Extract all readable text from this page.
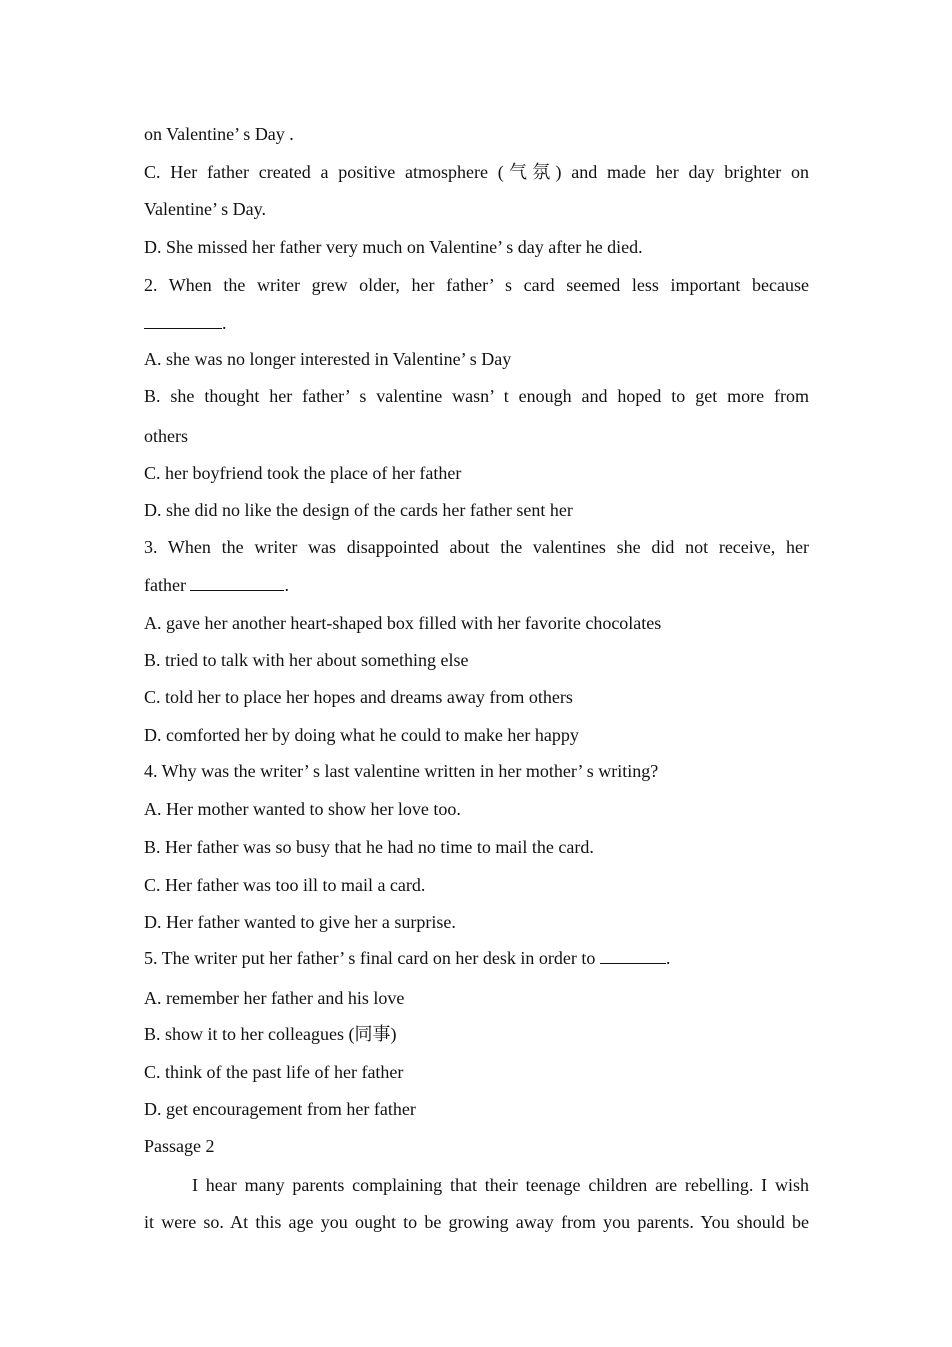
on Valentine’ s Day .
C. Her father created a positive atmosphere (气氛) and made her day brighter on
Valentine’ s Day.
D. She missed her father very much on Valentine’ s day after he died.
2. When the writer grew older, her father’ s card seemed less important because
.
A. she was no longer interested in Valentine’ s Day
B. she thought her father’ s valentine wasn’ t enough and hoped to get more from
others
C. her boyfriend took the place of her father
D. she did no like the design of the cards her father sent her
3. When the writer was disappointed about the valentines she did not receive, her
father	.
A. gave her another heart-shaped box filled with her favorite chocolates
B. tried to talk with her about something else
C. told her to place her hopes and dreams away from others
D. comforted her by doing what he could to make her happy
4. Why was the writer’ s last valentine written in her mother’ s writing?
A. Her mother wanted to show her love too.
B. Her father was so busy that he had no time to mail the card.
C. Her father was too ill to mail a card.
D. Her father wanted to give her a surprise.
5. The writer put her father’ s final card on her desk in order to	.
A. remember her father and his love
B. show it to her colleagues (同事)
C. think of the past life of her father
D. get encouragement from her father
Passage 2
I hear many parents complaining that their teenage children are rebelling. I wish
it were so. At this age you ought to be growing away from you parents. You should be
